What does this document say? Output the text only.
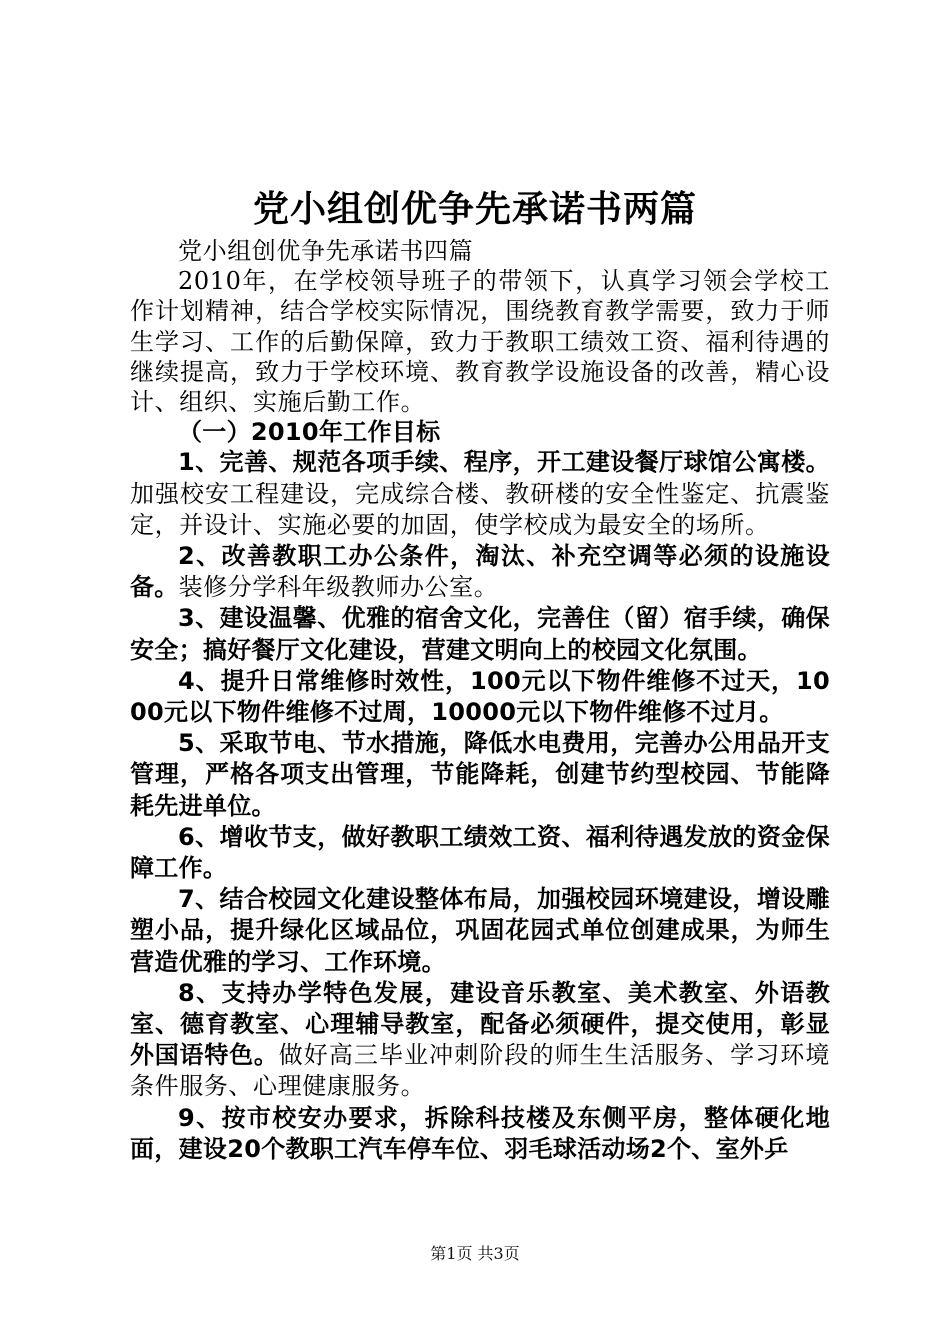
党小组创优争先承诺书两篇

党小组创优争先承诺书四篇

2010年，在学校领导班子的带领下，认真学习领会学校工作计划精神，结合学校实际情况，围绕教育教学需要，致力于师生学习、工作的后勤保障，致力于教职工绩效工资、福利待遇的继续提高，致力于学校环境、教育教学设施设备的改善，精心设计、组织、实施后勤工作。

（一）2010年工作目标

1、完善、规范各项手续、程序，开工建设餐厅球馆公寓楼。加强校安工程建设，完成综合楼、教研楼的安全性鉴定、抗震鉴定，并设计、实施必要的加固，使学校成为最安全的场所。

2、改善教职工办公条件，淘汰、补充空调等必须的设施设备。装修分学科年级教师办公室。

3、建设温馨、优雅的宿舍文化，完善住（留）宿手续，确保安全；搞好餐厅文化建设，营建文明向上的校园文化氛围。

4、提升日常维修时效性，100元以下物件维修不过天，1000元以下物件维修不过周，10000元以下物件维修不过月。

5、采取节电、节水措施，降低水电费用，完善办公用品开支管理，严格各项支出管理，节能降耗，创建节约型校园、节能降耗先进单位。

6、增收节支，做好教职工绩效工资、福利待遇发放的资金保障工作。

7、结合校园文化建设整体布局，加强校园环境建设，增设雕塑小品，提升绿化区域品位，巩固花园式单位创建成果，为师生营造优雅的学习、工作环境。

8、支持办学特色发展，建设音乐教室、美术教室、外语教室、德育教室、心理辅导教室，配备必须硬件，提交使用，彰显外国语特色。做好高三毕业冲刺阶段的师生生活服务、学习环境条件服务、心理健康服务。

9、按市校安办要求，拆除科技楼及东侧平房，整体硬化地面，建设20个教职工汽车停车位、羽毛球活动场2个、室外乒

第1页 共3页
